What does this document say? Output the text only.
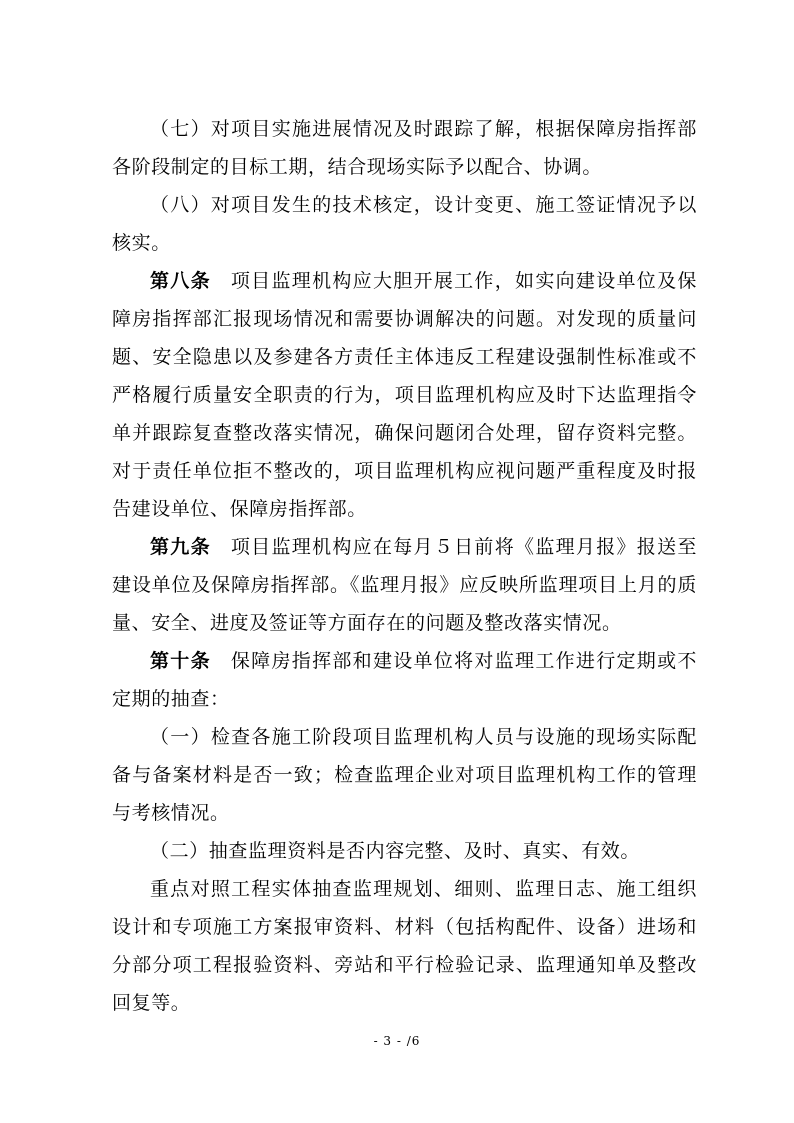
（七）对项目实施进展情况及时跟踪了解，根据保障房指挥部各阶段制定的目标工期，结合现场实际予以配合、协调。

（八）对项目发生的技术核定，设计变更、施工签证情况予以核实。

第八条 项目监理机构应大胆开展工作，如实向建设单位及保障房指挥部汇报现场情况和需要协调解决的问题。对发现的质量问题、安全隐患以及参建各方责任主体违反工程建设强制性标准或不严格履行质量安全职责的行为，项目监理机构应及时下达监理指令单并跟踪复查整改落实情况，确保问题闭合处理，留存资料完整。对于责任单位拒不整改的，项目监理机构应视问题严重程度及时报告建设单位、保障房指挥部。

第九条 项目监理机构应在每月５日前将《监理月报》报送至建设单位及保障房指挥部。《监理月报》应反映所监理项目上月的质量、安全、进度及签证等方面存在的问题及整改落实情况。

第十条 保障房指挥部和建设单位将对监理工作进行定期或不定期的抽查：

（一）检查各施工阶段项目监理机构人员与设施的现场实际配备与备案材料是否一致；检查监理企业对项目监理机构工作的管理与考核情况。

（二）抽查监理资料是否内容完整、及时、真实、有效。

重点对照工程实体抽查监理规划、细则、监理日志、施工组织设计和专项施工方案报审资料、材料（包括构配件、设备）进场和分部分项工程报验资料、旁站和平行检验记录、监理通知单及整改回复等。

- 3 - /6
